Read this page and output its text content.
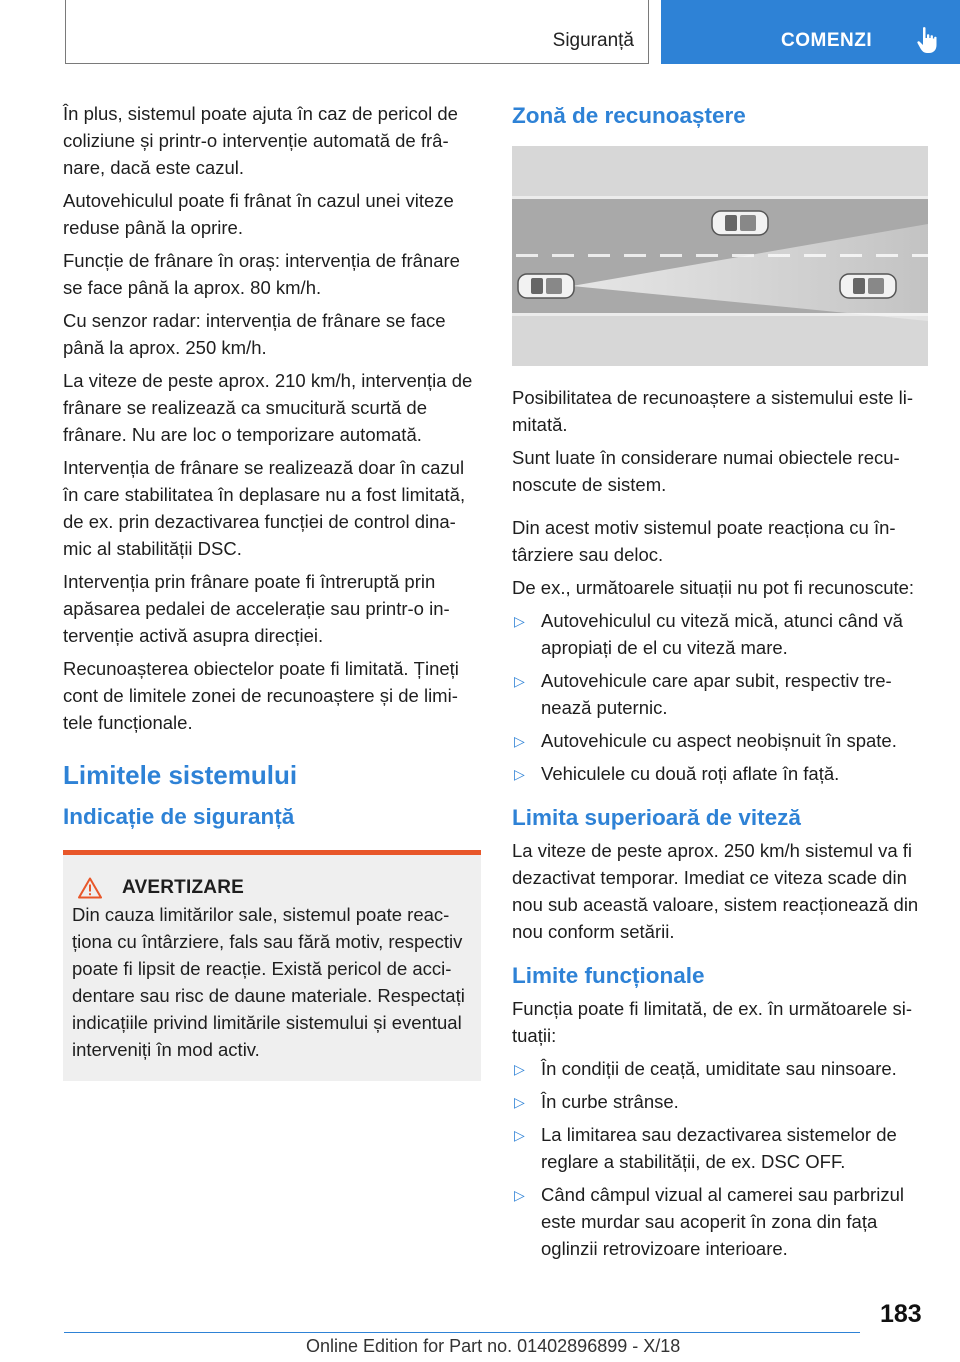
Siguranță	COMENZI

În plus, sistemul poate ajuta în caz de pericol de coliziune și printr-o intervenție automată de frâ‐nare, dacă este cazul.

Autovehiculul poate fi frânat în cazul unei viteze reduse până la oprire.

Funcție de frânare în oraș: intervenția de frânare se face până la aprox. 80 km/h.

Cu senzor radar: intervenția de frânare se face până la aprox. 250 km/h.

La viteze de peste aprox. 210 km/h, intervenția de frânare se realizează ca smucitură scurtă de frânare. Nu are loc o temporizare automată.

Intervenția de frânare se realizează doar în cazul în care stabilitatea în deplasare nu a fost limitată, de ex. prin dezactivarea funcției de control dina‐mic al stabilității DSC.

Intervenția prin frânare poate fi întreruptă prin apăsarea pedalei de accelerație sau printr-o in‐tervenție activă asupra direcției.

Recunoașterea obiectelor poate fi limitată. Țineți cont de limitele zonei de recunoaștere și de limi‐tele funcționale.

Limitele sistemului
Indicație de siguranță
AVERTIZARE

Din cauza limitărilor sale, sistemul poate reac‐ționa cu întârziere, fals sau fără motiv, respectiv poate fi lipsit de reacție. Există pericol de acci‐dentare sau risc de daune materiale. Respectați indicațiile privind limitările sistemului și eventual interveniți în mod activ.

Zonă de recunoaștere

Posibilitatea de recunoaștere a sistemului este li‐mitată.

Sunt luate în considerare numai obiectele recu‐noscute de sistem.

Din acest motiv sistemul poate reacționa cu în‐târziere sau deloc.

De ex., următoarele situații nu pot fi recunoscute:

▷ Autovehiculul cu viteză mică, atunci când vă apropiați de el cu viteză mare.
▷ Autovehicule care apar subit, respectiv tre‐nează puternic.
▷ Autovehicule cu aspect neobișnuit în spate.
▷ Vehiculele cu două roți aflate în față.
Limita superioară de viteză

La viteze de peste aprox. 250 km/h sistemul va fi dezactivat temporar. Imediat ce viteza scade din nou sub această valoare, sistem reacționează din nou conform setării.

Limite funcționale

Funcția poate fi limitată, de ex. în următoarele si‐tuații:

▷ În condiții de ceață, umiditate sau ninsoare.
▷ În curbe strânse.
▷ La limitarea sau dezactivarea sistemelor de reglare a stabilității, de ex. DSC OFF.
▷ Când câmpul vizual al camerei sau parbrizul este murdar sau acoperit în zona din fața oglinzii retrovizoare interioare.
183
Online Edition for Part no. 01402896899 - X/18
